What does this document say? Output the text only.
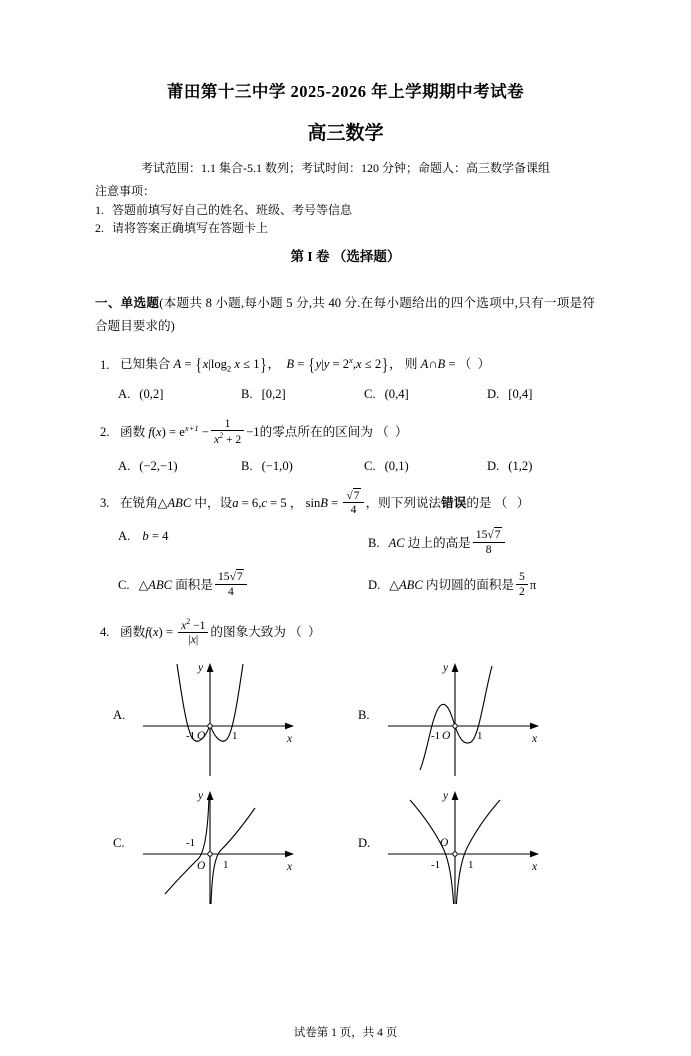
莆田第十三中学 2025-2026 年上学期期中考试卷
高三数学
考试范围：1.1 集合-5.1 数列；考试时间：120 分钟；命题人：高三数学备课组
注意事项：
1. 答题前填写好自己的姓名、班级、考号等信息
2. 请将答案正确填写在答题卡上
第 I 卷 （选择题）
一、单选题(本题共 8 小题,每小题 5 分,共 40 分.在每小题给出的四个选项中,只有一项是符合题目要求的)
1. 已知集合 $A = \{x|\log_2$ x ≤ 1}，  $B = \{y|y = 2^x,x \le 2\}$， 则 A∩B = （  ）
A. (0,2]	B. [0,2]	C. (0,4]	D. [0,4]
2. 函数 $f(x) = e^{x+1} - \frac{1}{x^2 + 2} -1$的零点所在的区间为 （  ）
A. (−2,−1)	B. (−1,0)	C. (0,1)	D. (1,2)
3. 在锐角△ABC 中，设a = 6,c = 5 ， $\sin B = \frac{√7}{4}$ ，则下列说法错误的是 （   ）
A. b = 4	B. AC 边上的高是 $\frac{15√7}{8}$
C. △ABC 面积是 $\frac{15√7}{4}$	D. △ABC 内切圆的面积是 $\frac{5}{2}$ π
4. 函数$f(x) = \frac{x^2 -1}{|x|}$ 的图象大致为 （  ）
A.
-1	1
O	x
y
B.
-1	1
O	x
y
C.	-1
1
O	x
y
D.
-1	1
O
x
y
试卷第 1 页，共 4 页
